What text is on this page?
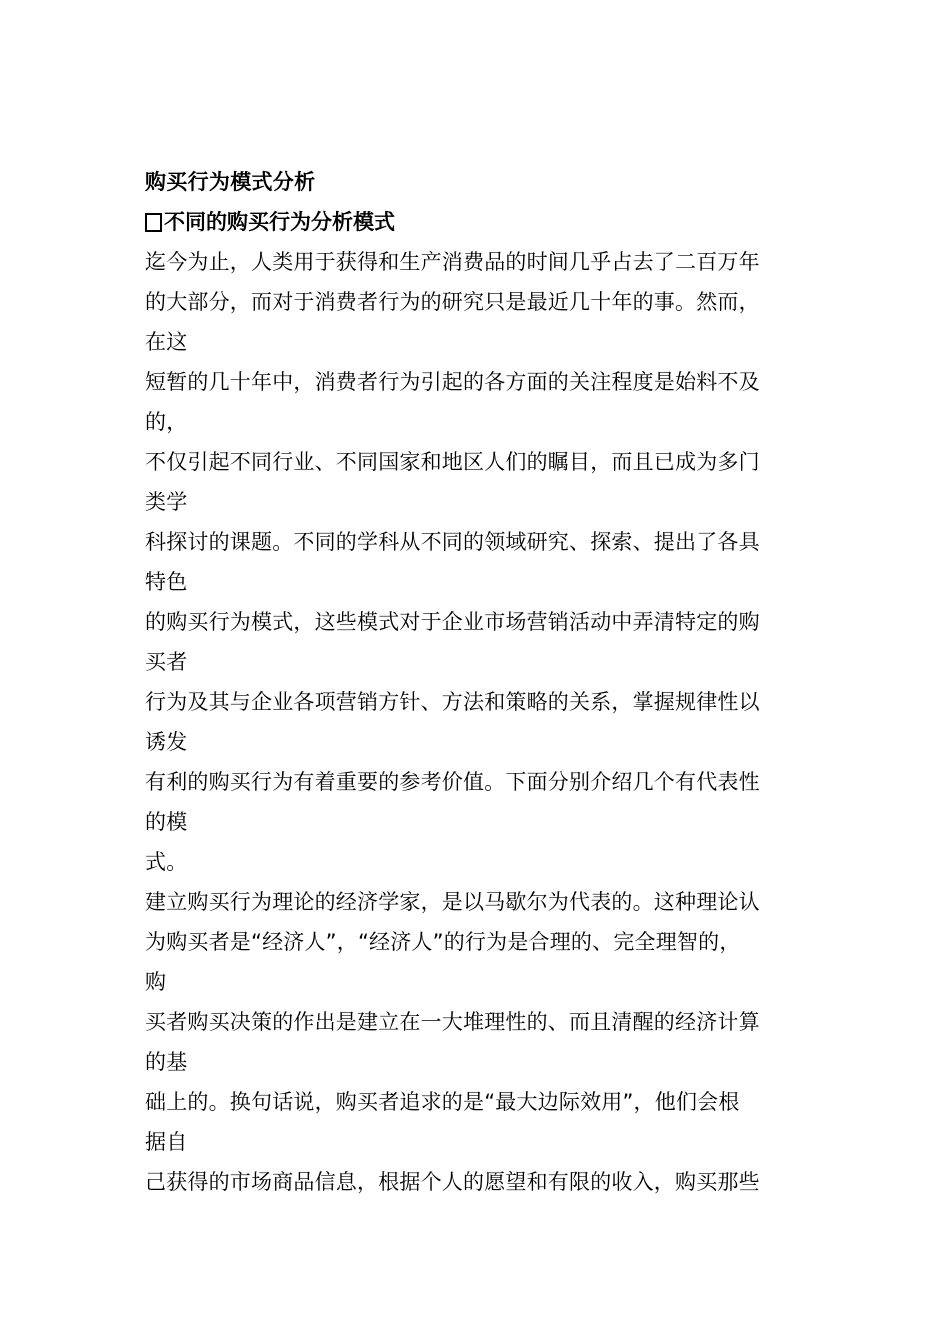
购买行为模式分析
不同的购买行为分析模式
迄今为止，人类用于获得和生产消费品的时间几乎占去了二百万年
的大部分，而对于消费者行为的研究只是最近几十年的事。然而，
在这
短暂的几十年中，消费者行为引起的各方面的关注程度是始料不及
的，
不仅引起不同行业、不同国家和地区人们的瞩目，而且已成为多门
类学
科探讨的课题。不同的学科从不同的领域研究、探索、提出了各具
特色
的购买行为模式，这些模式对于企业市场营销活动中弄清特定的购
买者
行为及其与企业各项营销方针、方法和策略的关系，掌握规律性以
诱发
有利的购买行为有着重要的参考价值。下面分别介绍几个有代表性
的模
式。
建立购买行为理论的经济学家，是以马歇尔为代表的。这种理论认
为购买者是“经济人”，“经济人”的行为是合理的、完全理智的，
购
买者购买决策的作出是建立在一大堆理性的、而且清醒的经济计算
的基
础上的。换句话说，购买者追求的是“最大边际效用”，他们会根
据自
己获得的市场商品信息，根据个人的愿望和有限的收入，购买那些
